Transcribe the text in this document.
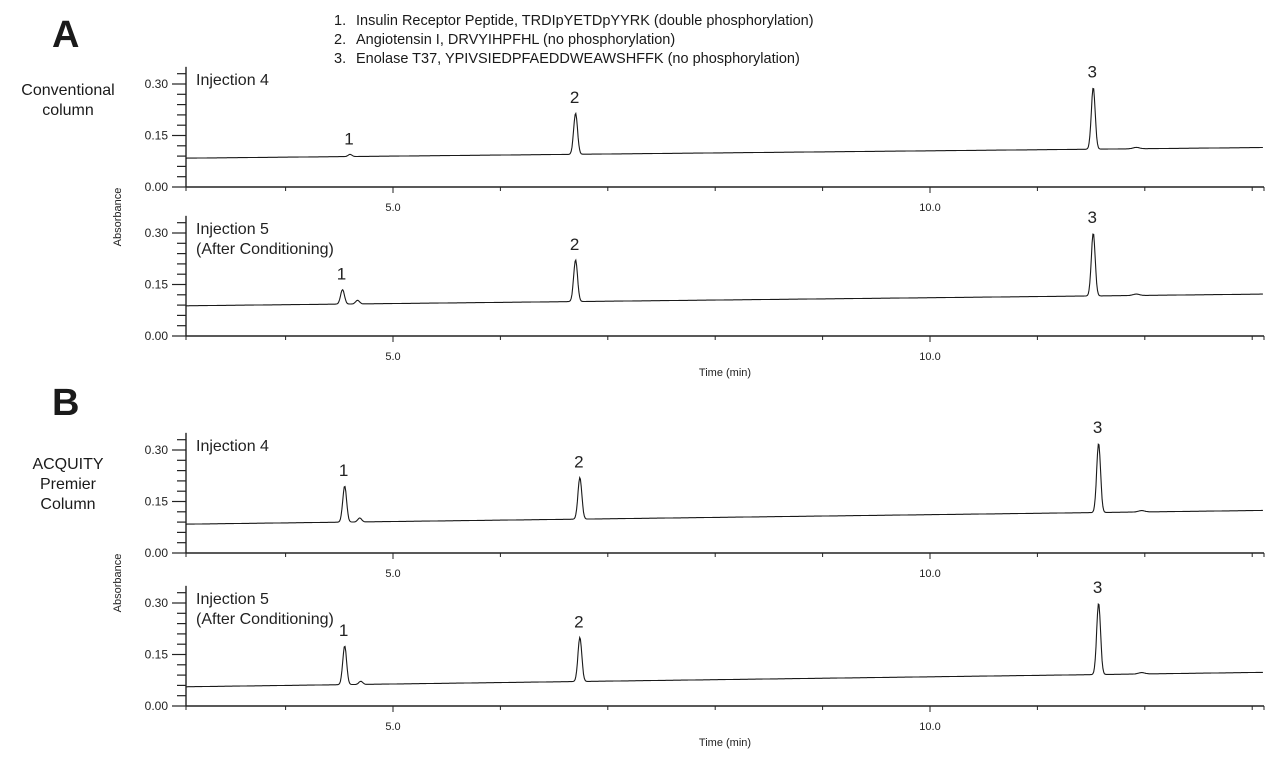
A
B
Conventional
column
ACQUITY
Premier
Column
1. Insulin Receptor Peptide, TRDIpYETDpYYRK (double phosphorylation)
2. Angiotensin I, DRVYIHPFHL (no phosphorylation)
3. Enolase T37, YPIVSIEDPFAEDDWEAWSHFFK (no phosphorylation)
0.00
0.15
0.30
5.0	10.0
Absorbance
Injection 4
1
2
3
0.00
0.15
0.30
5.0	10.0
Time (min)
Injection 5
(After Conditioning)
1
2
3
0.00
0.15
0.30
5.0	10.0
Absorbance
Injection 4
1	2
3
0.00
0.15
0.30
5.0	10.0
Time (min)
Injection 5
(After Conditioning)
1	2
3
